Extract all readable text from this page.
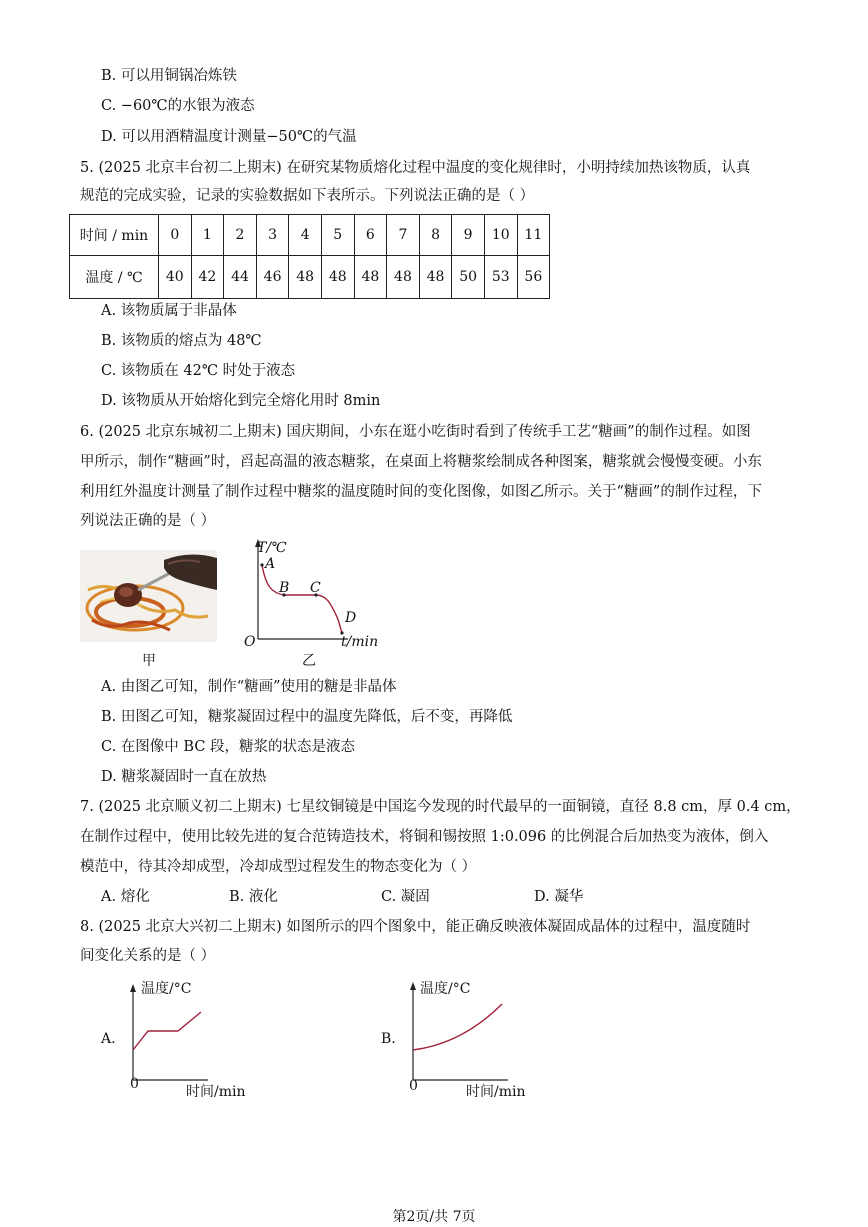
B. 可以用铜锅冶炼铁
C. −60℃的水银为液态
D. 可以用酒精温度计测量−50℃的气温
5. (2025 北京丰台初二上期末) 在研究某物质熔化过程中温度的变化规律时，小明持续加热该物质，认真
规范的完成实验，记录的实验数据如下表所示。下列说法正确的是（ ）
时间 / min	0	1	2	3	4	5	6	7	8	9	10	11
温度 / ℃	40	42	44	46	48	48	48	48	48	50	53	56
A. 该物质属于非晶体
B. 该物质的熔点为 48℃
C. 该物质在 42℃ 时处于液态
D. 该物质从开始熔化到完全熔化用时 8min
6. (2025 北京东城初二上期末) 国庆期间，小东在逛小吃街时看到了传统手工艺“糖画”的制作过程。如图
甲所示，制作“糖画”时，舀起高温的液态糖浆，在桌面上将糖浆绘制成各种图案，糖浆就会慢慢变硬。小东
利用红外温度计测量了制作过程中糖浆的温度随时间的变化图像，如图乙所示。关于“糖画”的制作过程，下
列说法正确的是（ ）
甲
T/℃
t/min
O
A
B C
D
乙
A. 由图乙可知，制作“糖画”使用的糖是非晶体
B. 田图乙可知，糖浆凝固过程中的温度先降低，后不变，再降低
C. 在图像中 BC 段，糖浆的状态是液态
D. 糖浆凝固时一直在放热
7. (2025 北京顺义初二上期末) 七星纹铜镜是中国迄今发现的时代最早的一面铜镜，直径 8.8 cm，厚 0.4 cm，
在制作过程中，使用比较先进的复合范铸造技术，将铜和锡按照 1:0.096 的比例混合后加热变为液体，倒入
模范中，待其冷却成型，冷却成型过程发生的物态变化为（ ）
A. 熔化	B. 液化	C. 凝固	D. 凝华
8. (2025 北京大兴初二上期末) 如图所示的四个图象中，能正确反映液体凝固成晶体的过程中，温度随时
间变化关系的是（ ）
A.
温度/°C
0	时间/min
B.
温度/°C
0	时间/min
第2页/共 7页
